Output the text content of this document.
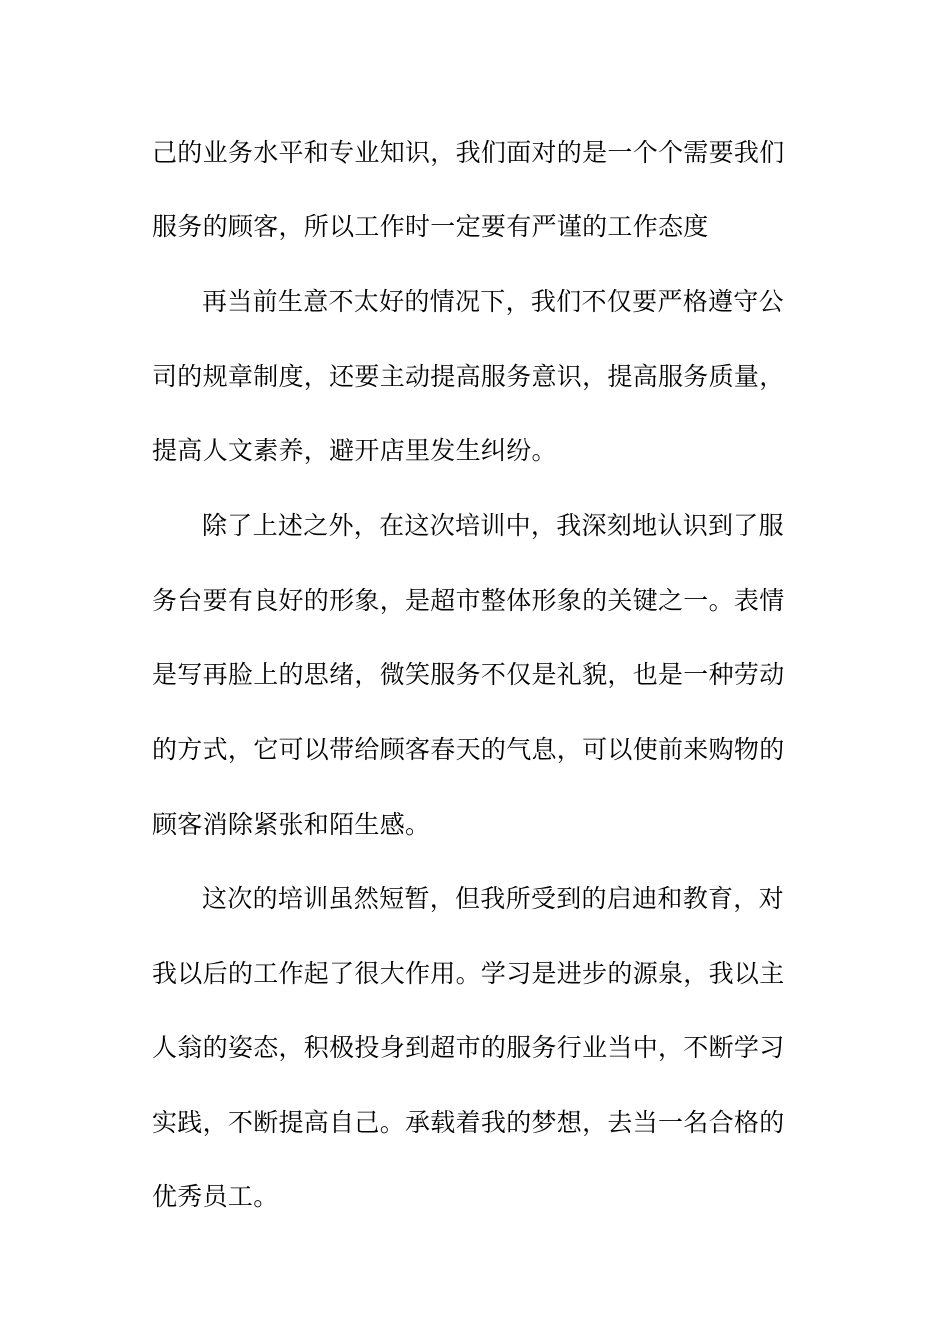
己的业务水平和专业知识，我们面对的是一个个需要我们
服务的顾客，所以工作时一定要有严谨的工作态度
再当前生意不太好的情况下，我们不仅要严格遵守公
司的规章制度，还要主动提高服务意识，提高服务质量，
提高人文素养，避开店里发生纠纷。
除了上述之外，在这次培训中，我深刻地认识到了服
务台要有良好的形象，是超市整体形象的关键之一。表情
是写再脸上的思绪，微笑服务不仅是礼貌，也是一种劳动
的方式，它可以带给顾客春天的气息，可以使前来购物的
顾客消除紧张和陌生感。
这次的培训虽然短暂，但我所受到的启迪和教育，对
我以后的工作起了很大作用。学习是进步的源泉，我以主
人翁的姿态，积极投身到超市的服务行业当中，不断学习
实践，不断提高自己。承载着我的梦想，去当一名合格的
优秀员工。
